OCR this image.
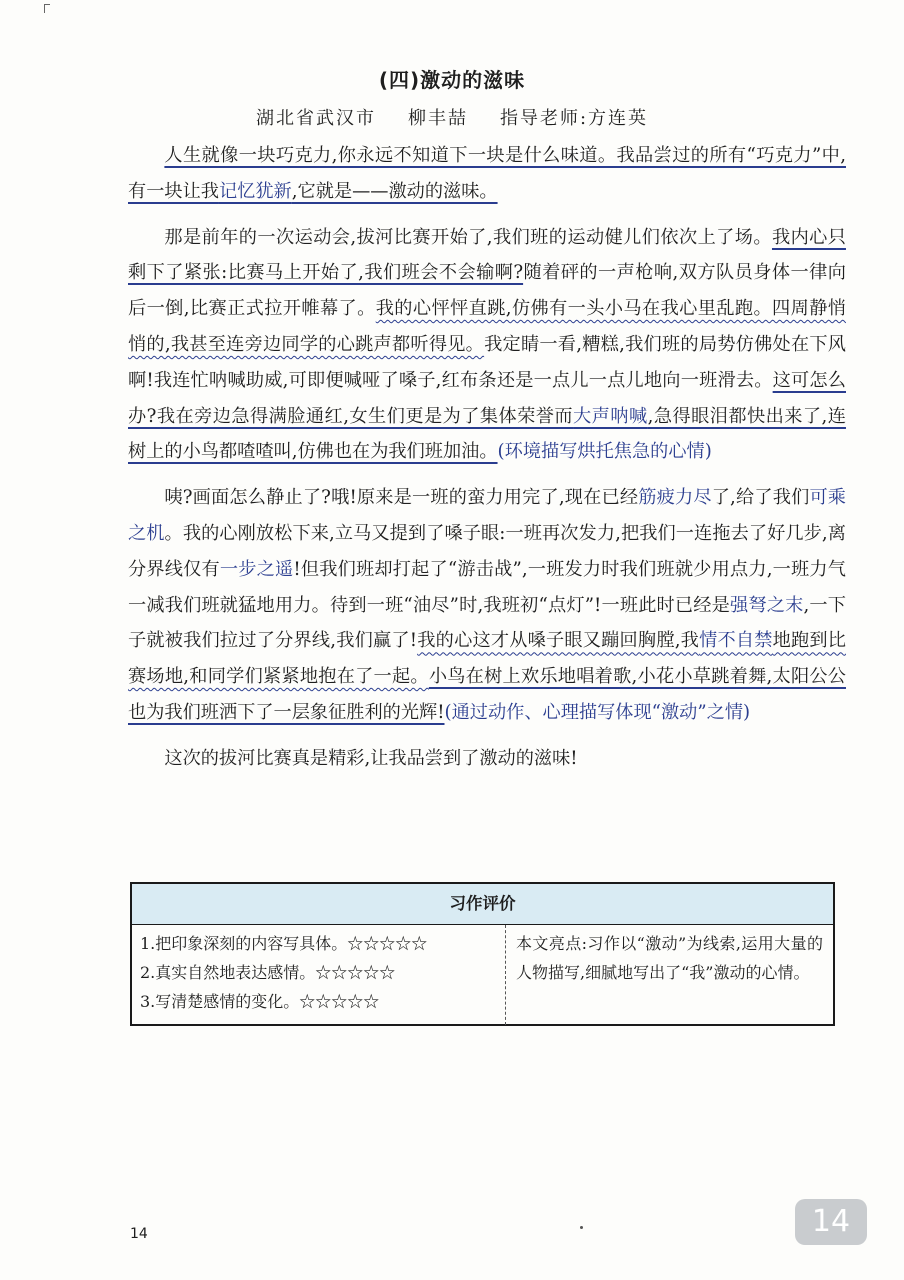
(四)激动的滋味
湖北省武汉市 柳丰喆 指导老师:方连英

人生就像一块巧克力,你永远不知道下一块是什么味道。我品尝过的所有“巧克力”中,有一块让我记忆犹新,它就是——激动的滋味。

那是前年的一次运动会,拔河比赛开始了,我们班的运动健儿们依次上了场。我内心只剩下了紧张:比赛马上开始了,我们班会不会输啊?随着砰的一声枪响,双方队员身体一律向后一倒,比赛正式拉开帷幕了。我的心怦怦直跳,仿佛有一头小马在我心里乱跑。四周静悄悄的,我甚至连旁边同学的心跳声都听得见。我定睛一看,糟糕,我们班的局势仿佛处在下风啊!我连忙呐喊助威,可即便喊哑了嗓子,红布条还是一点儿一点儿地向一班滑去。这可怎么办?我在旁边急得满脸通红,女生们更是为了集体荣誉而大声呐喊,急得眼泪都快出来了,连树上的小鸟都喳喳叫,仿佛也在为我们班加油。(环境描写烘托焦急的心情)

咦?画面怎么静止了?哦!原来是一班的蛮力用完了,现在已经筋疲力尽了,给了我们可乘之机。我的心刚放松下来,立马又提到了嗓子眼:一班再次发力,把我们一连拖去了好几步,离分界线仅有一步之遥!但我们班却打起了“游击战”,一班发力时我们班就少用点力,一班力气一减我们班就猛地用力。待到一班“油尽”时,我班初“点灯”!一班此时已经是强弩之末,一下子就被我们拉过了分界线,我们赢了!我的心这才从嗓子眼又蹦回胸膛,我情不自禁地跑到比赛场地,和同学们紧紧地抱在了一起。小鸟在树上欢乐地唱着歌,小花小草跳着舞,太阳公公也为我们班洒下了一层象征胜利的光辉!(通过动作、心理描写体现“激动”之情)

这次的拔河比赛真是精彩,让我品尝到了激动的滋味!

习作评价
1.把印象深刻的内容写具体。☆☆☆☆☆
2.真实自然地表达感情。☆☆☆☆☆
3.写清楚感情的变化。☆☆☆☆☆
本文亮点:习作以“激动”为线索,运用大量的人物描写,细腻地写出了“我”激动的心情。
14	14
